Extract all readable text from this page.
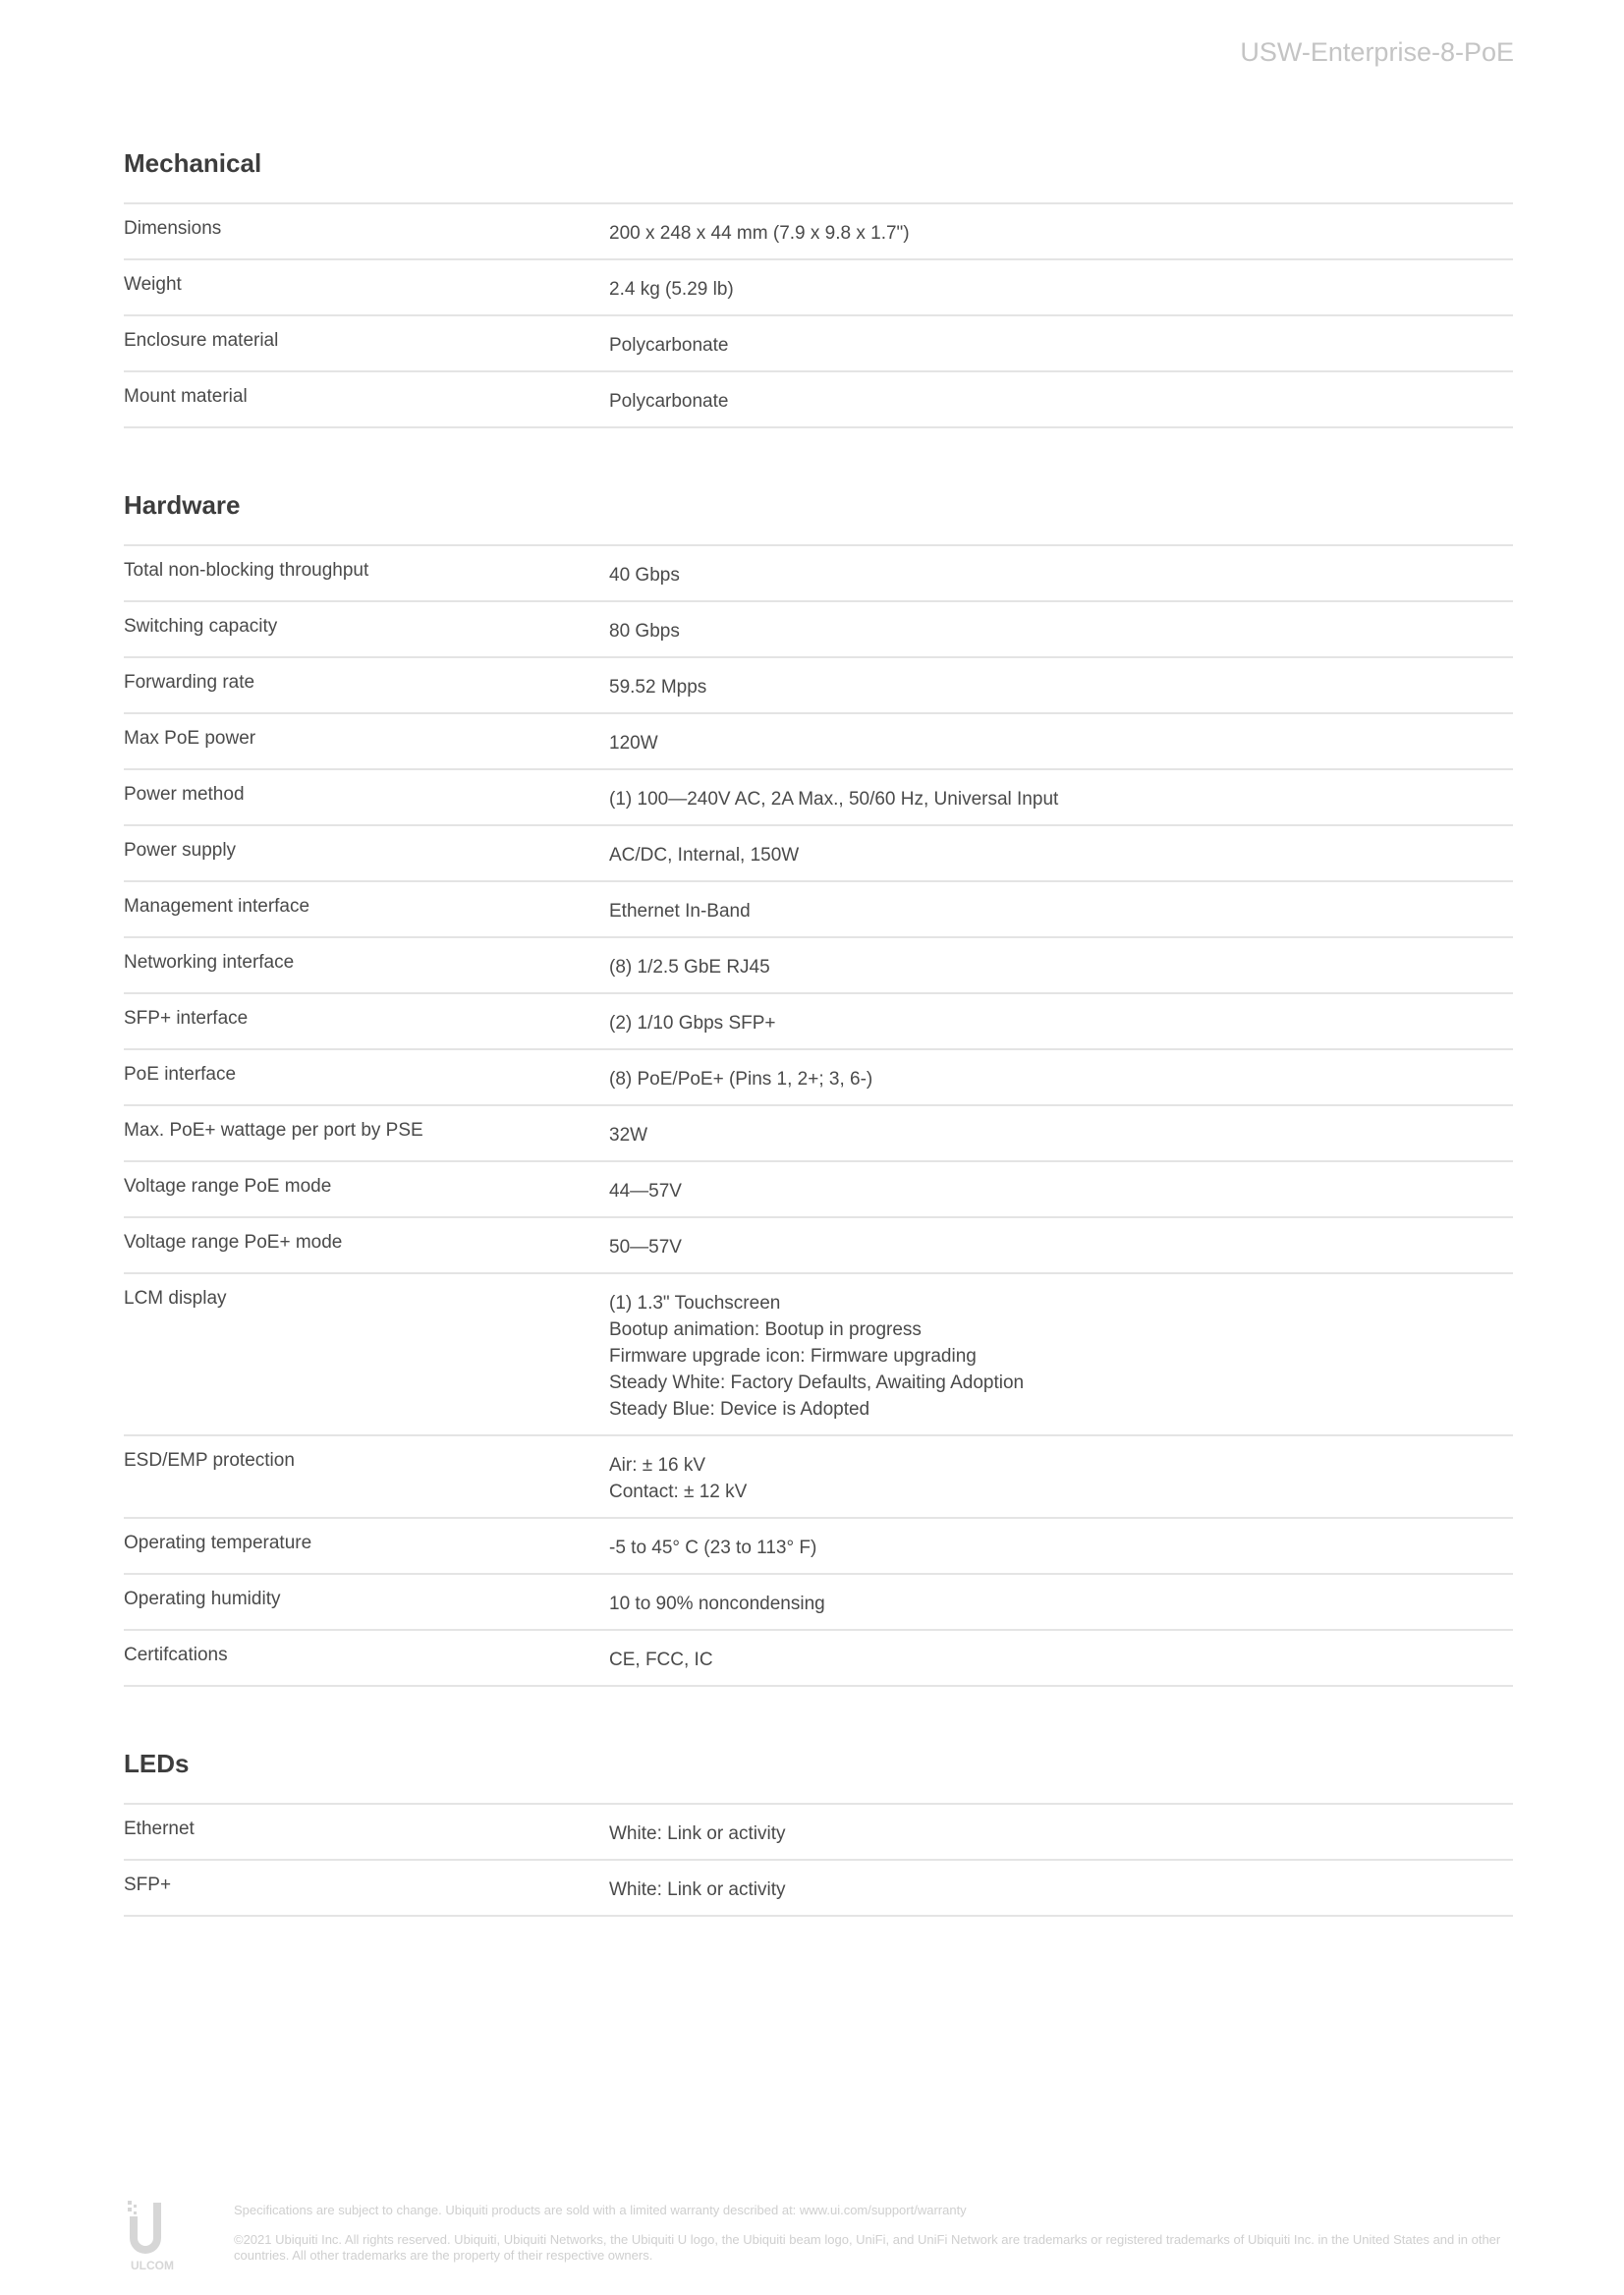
USW-Enterprise-8-PoE
Mechanical
Dimensions	200 x 248 x 44 mm (7.9 x 9.8 x 1.7")
Weight	2.4 kg (5.29 lb)
Enclosure material	Polycarbonate
Mount material	Polycarbonate
Hardware
Total non-blocking throughput	40 Gbps
Switching capacity	80 Gbps
Forwarding rate	59.52 Mpps
Max PoE power	120W
Power method	(1) 100—240V AC, 2A Max., 50/60 Hz, Universal Input
Power supply	AC/DC, Internal, 150W
Management interface	Ethernet In-Band
Networking interface	(8) 1/2.5 GbE RJ45
SFP+ interface	(2) 1/10 Gbps SFP+
PoE interface	(8) PoE/PoE+ (Pins 1, 2+; 3, 6-)
Max. PoE+ wattage per port by PSE	32W
Voltage range PoE mode	44—57V
Voltage range PoE+ mode	50—57V
LCM display	(1) 1.3" Touchscreen
Bootup animation: Bootup in progress
Firmware upgrade icon: Firmware upgrading
Steady White: Factory Defaults, Awaiting Adoption
Steady Blue: Device is Adopted
ESD/EMP protection	Air: ± 16 kV
Contact: ± 12 kV
Operating temperature	-5 to 45° C (23 to 113° F)
Operating humidity	10 to 90% noncondensing
Certifcations	CE, FCC, IC
LEDs
Ethernet	White: Link or activity
SFP+	White: Link or activity
ULCOM

Specifications are subject to change. Ubiquiti products are sold with a limited warranty described at: www.ui.com/support/warranty

©2021 Ubiquiti Inc. All rights reserved. Ubiquiti, Ubiquiti Networks, the Ubiquiti U logo, the Ubiquiti beam logo, UniFi, and UniFi Network are trademarks or registered trademarks of Ubiquiti Inc. in the United States and in other countries. All other trademarks are the property of their respective owners.
